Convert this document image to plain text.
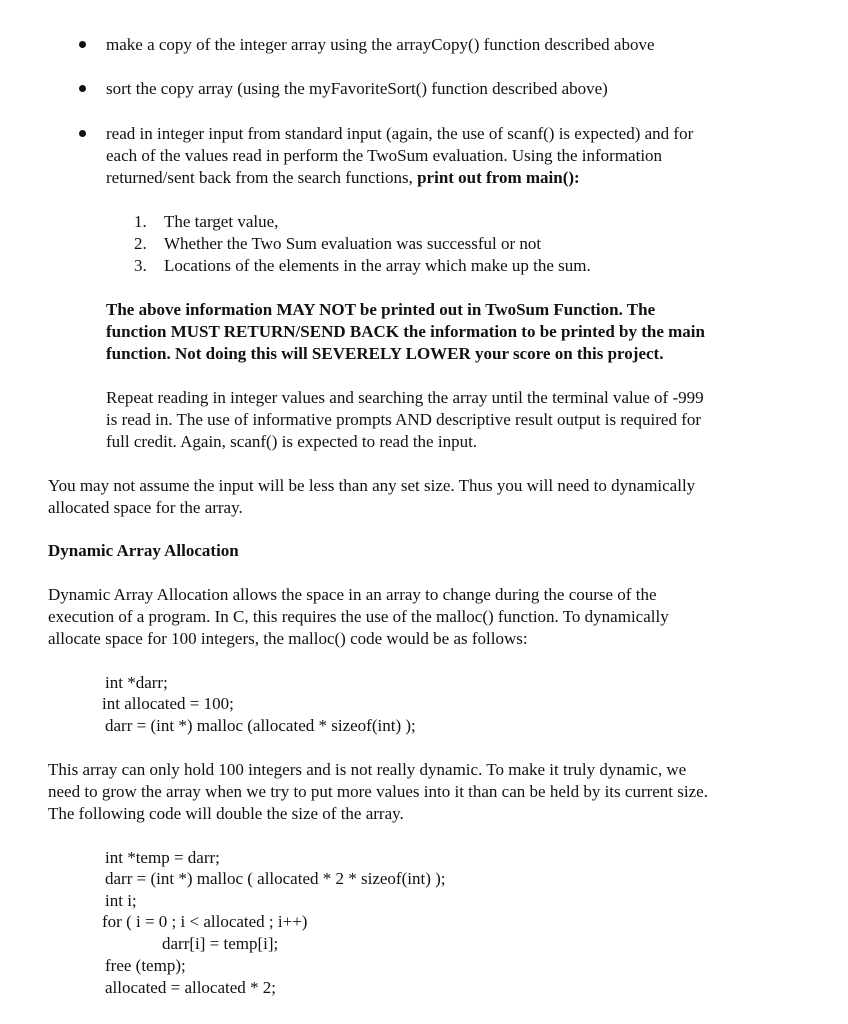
make a copy of the integer array using the arrayCopy() function described above
sort the copy array (using the myFavoriteSort() function described above)
read in integer input from standard input (again, the use of scanf() is expected) and for
each of the values read in perform the TwoSum evaluation. Using the information
returned/sent back from the search functions, print out from main():
1. The target value,
2. Whether the Two Sum evaluation was successful or not
3. Locations of the elements in the array which make up the sum.
The above information MAY NOT be printed out in TwoSum Function. The
function MUST RETURN/SEND BACK the information to be printed by the main
function. Not doing this will SEVERELY LOWER your score on this project.
Repeat reading in integer values and searching the array until the terminal value of -999
is read in. The use of informative prompts AND descriptive result output is required for
full credit. Again, scanf() is expected to read the input.
You may not assume the input will be less than any set size. Thus you will need to dynamically
allocated space for the array.
Dynamic Array Allocation
Dynamic Array Allocation allows the space in an array to change during the course of the
execution of a program. In C, this requires the use of the malloc() function. To dynamically
allocate space for 100 integers, the malloc() code would be as follows:
int *darr;
int allocated = 100;
darr = (int *) malloc (allocated * sizeof(int) );
This array can only hold 100 integers and is not really dynamic. To make it truly dynamic, we
need to grow the array when we try to put more values into it than can be held by its current size.
The following code will double the size of the array.
int *temp = darr;
darr = (int *) malloc ( allocated * 2 * sizeof(int) );
int i;
for ( i = 0 ; i < allocated ; i++)
darr[i] = temp[i];
free (temp);
allocated = allocated * 2;
